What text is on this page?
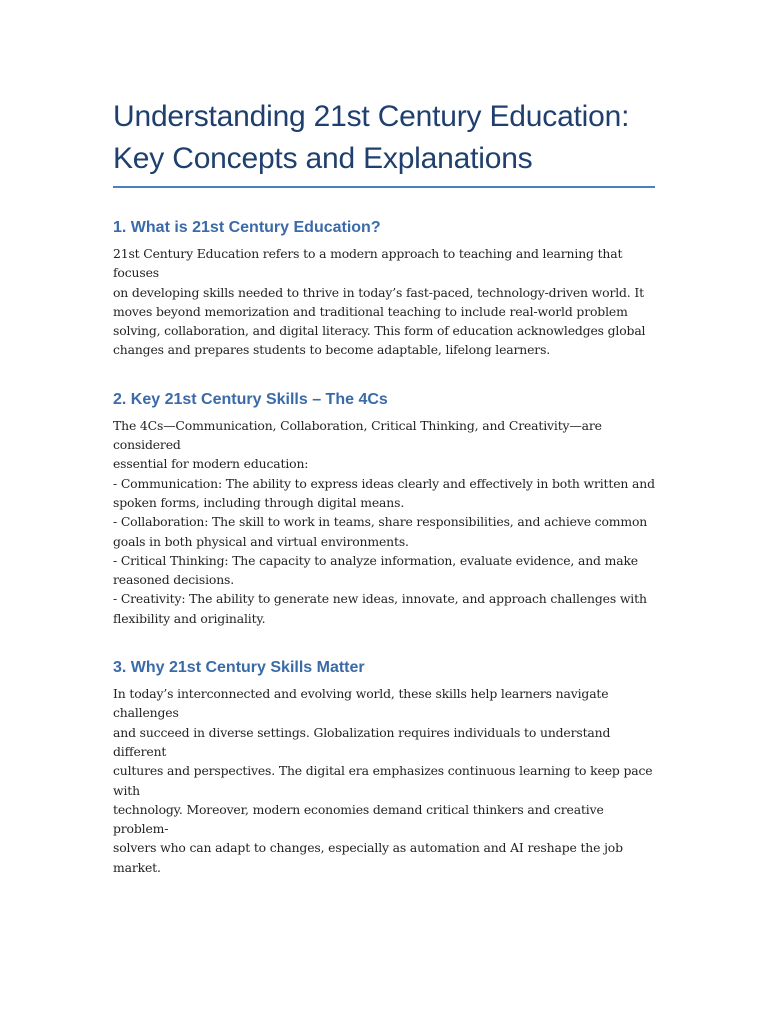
Understanding 21st Century Education:
Key Concepts and Explanations
1. What is 21st Century Education?

21st Century Education refers to a modern approach to teaching and learning that focuses

on developing skills needed to thrive in today’s fast-paced, technology-driven world. It

moves beyond memorization and traditional teaching to include real-world problem

solving, collaboration, and digital literacy. This form of education acknowledges global

changes and prepares students to become adaptable, lifelong learners.

2. Key 21st Century Skills – The 4Cs

The 4Cs—Communication, Collaboration, Critical Thinking, and Creativity—are considered

essential for modern education:

- Communication: The ability to express ideas clearly and effectively in both written and

spoken forms, including through digital means.

- Collaboration: The skill to work in teams, share responsibilities, and achieve common

goals in both physical and virtual environments.

- Critical Thinking: The capacity to analyze information, evaluate evidence, and make

reasoned decisions.

- Creativity: The ability to generate new ideas, innovate, and approach challenges with

flexibility and originality.

3. Why 21st Century Skills Matter

In today’s interconnected and evolving world, these skills help learners navigate challenges

and succeed in diverse settings. Globalization requires individuals to understand different

cultures and perspectives. The digital era emphasizes continuous learning to keep pace with

technology. Moreover, modern economies demand critical thinkers and creative problem-

solvers who can adapt to changes, especially as automation and AI reshape the job market.
